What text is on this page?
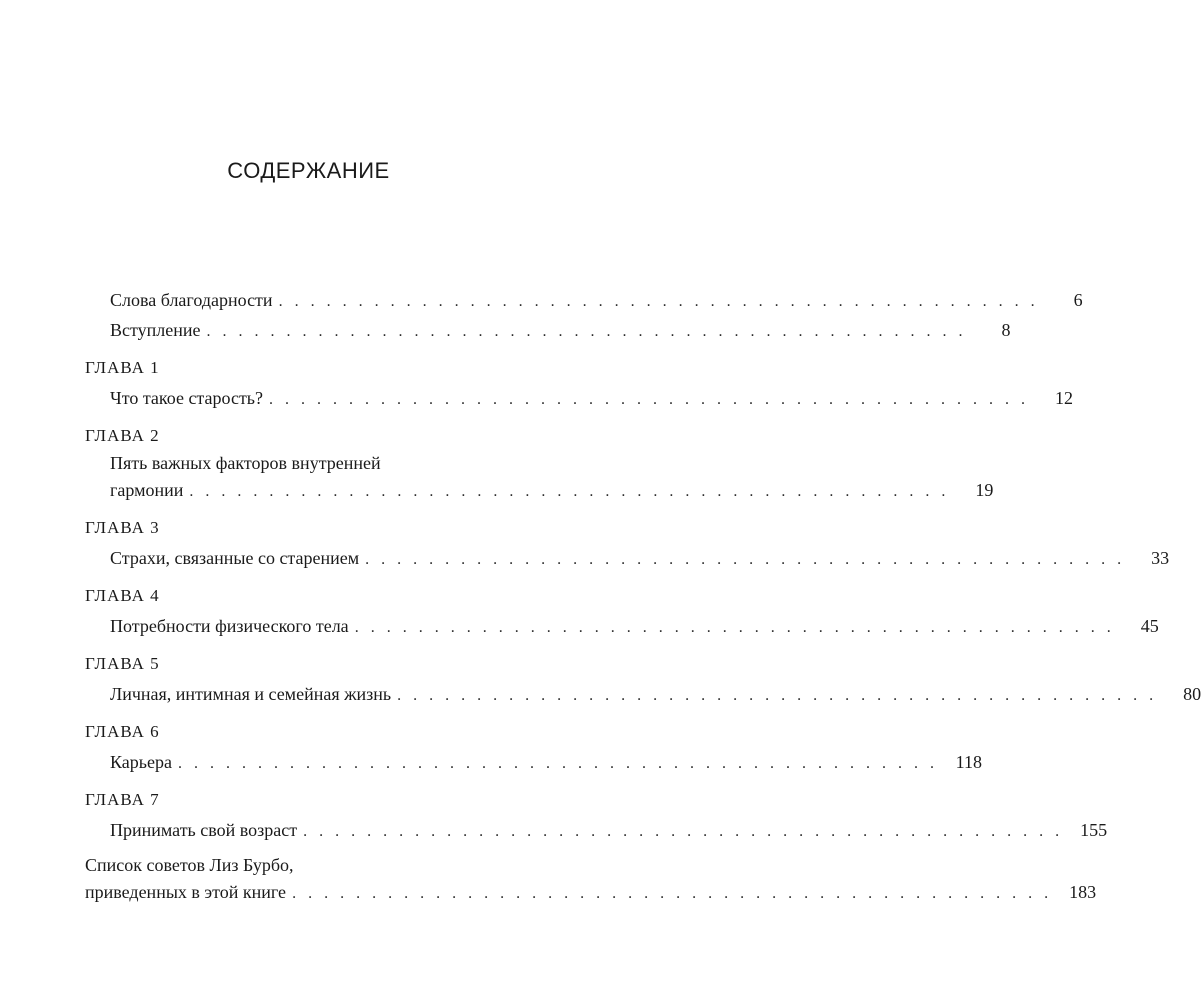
СОДЕРЖАНИЕ
Слова благодарности . . . . . . . . . . . . . . . . . . . . . . . . . . . . . . . . . . . . . . . . . . . . . . . .	6
Вступление . . . . . . . . . . . . . . . . . . . . . . . . . . . . . . . . . . . . . . . . . . . . . . . .	8
ГЛАВА 1
Что такое старость? . . . . . . . . . . . . . . . . . . . . . . . . . . . . . . . . . . . . . . . . . . . . . . . .	12
ГЛАВА 2
Пять важных факторов внутренней
гармонии . . . . . . . . . . . . . . . . . . . . . . . . . . . . . . . . . . . . . . . . . . . . . . . .	19
ГЛАВА 3
Страхи, связанные со старением . . . . . . . . . . . . . . . . . . . . . . . . . . . . . . . . . . . . . . . . . . . . . . . .	33
ГЛАВА 4
Потребности физического тела . . . . . . . . . . . . . . . . . . . . . . . . . . . . . . . . . . . . . . . . . . . . . . . .	45
ГЛАВА 5
Личная, интимная и семейная жизнь . . . . . . . . . . . . . . . . . . . . . . . . . . . . . . . . . . . . . . . . . . . . . . . .	80
ГЛАВА 6
Карьера . . . . . . . . . . . . . . . . . . . . . . . . . . . . . . . . . . . . . . . . . . . . . . . . 118
ГЛАВА 7
Принимать свой возраст . . . . . . . . . . . . . . . . . . . . . . . . . . . . . . . . . . . . . . . . . . . . . . . . 155
Список советов Лиз Бурбо,
приведенных в этой книге . . . . . . . . . . . . . . . . . . . . . . . . . . . . . . . . . . . . . . . . . . . . . . . . 183
